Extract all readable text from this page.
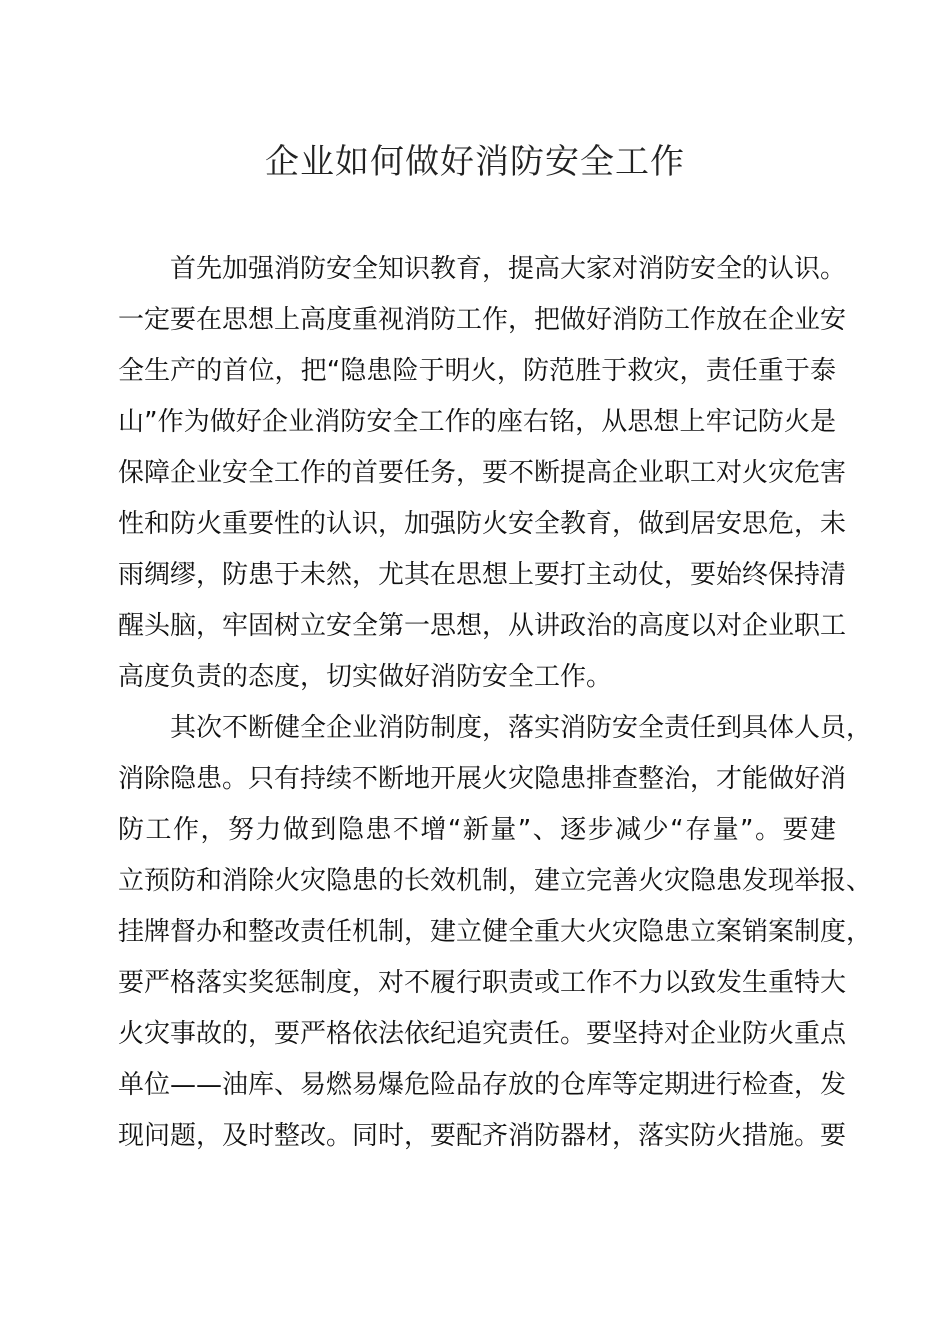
企业如何做好消防安全工作
首先加强消防安全知识教育，提高大家对消防安全的认识。
一定要在思想上高度重视消防工作，把做好消防工作放在企业安
全生产的首位，把“隐患险于明火，防范胜于救灾，责任重于泰
山”作为做好企业消防安全工作的座右铭，从思想上牢记防火是
保障企业安全工作的首要任务，要不断提高企业职工对火灾危害
性和防火重要性的认识，加强防火安全教育，做到居安思危，未
雨绸缪，防患于未然，尤其在思想上要打主动仗，要始终保持清
醒头脑，牢固树立安全第一思想，从讲政治的高度以对企业职工
高度负责的态度，切实做好消防安全工作。
其次不断健全企业消防制度，落实消防安全责任到具体人员，
消除隐患。只有持续不断地开展火灾隐患排查整治，才能做好消
防工作，努力做到隐患不增“新量”、逐步减少“存量”。要建
立预防和消除火灾隐患的长效机制，建立完善火灾隐患发现举报、
挂牌督办和整改责任机制，建立健全重大火灾隐患立案销案制度，
要严格落实奖惩制度，对不履行职责或工作不力以致发生重特大
火灾事故的，要严格依法依纪追究责任。要坚持对企业防火重点
单位——油库、易燃易爆危险品存放的仓库等定期进行检查，发
现问题，及时整改。同时，要配齐消防器材，落实防火措施。要
